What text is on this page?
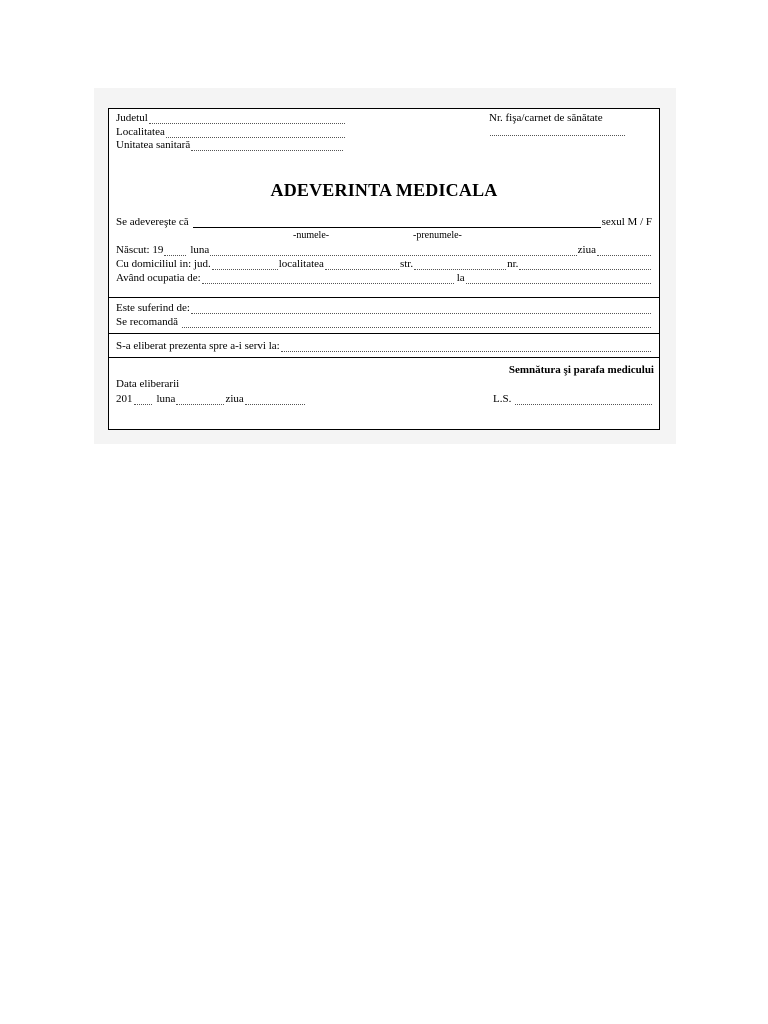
Judetul	Nr. fişa/carnet de sănătate
Localitatea
Unitatea sanitară
ADEVERINTA MEDICALA
Se adevereşte că	sexul M / F
-numele-	-prenumele-
Născut: 19 luna	ziua
Cu domiciliul in: jud.	localitatea	str.	nr.
Având ocupatia de:	la
Este suferind de:
Se recomandă
S-a eliberat prezenta spre a-i servi la:
Semnătura şi parafa medicului
Data eliberarii
201 luna	ziua	L.S.
